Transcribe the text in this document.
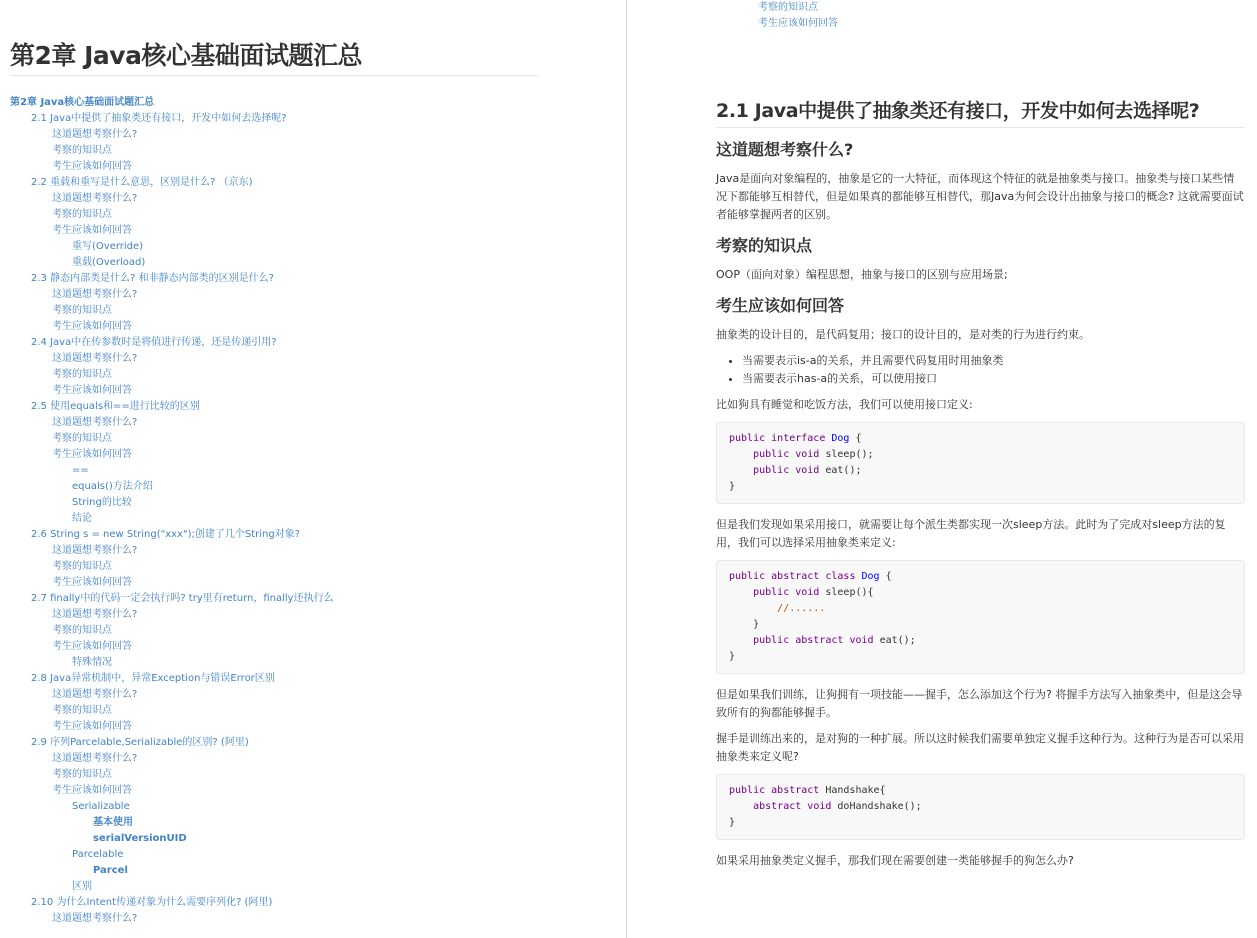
第2章 Java核心基础面试题汇总
第2章 Java核心基础面试题汇总
2.1 Java中提供了抽象类还有接口，开发中如何去选择呢?
这道题想考察什么?
考察的知识点
考生应该如何回答
2.2 重载和重写是什么意思，区别是什么? （京东)
这道题想考察什么?
考察的知识点
考生应该如何回答
重写(Override)
重载(Overload)
2.3 静态内部类是什么? 和非静态内部类的区别是什么?
这道题想考察什么?
考察的知识点
考生应该如何回答
2.4 Java中在传参数时是将值进行传递，还是传递引用?
这道题想考察什么?
考察的知识点
考生应该如何回答
2.5 使用equals和==进行比较的区别
这道题想考察什么?
考察的知识点
考生应该如何回答
==
equals()方法介绍
String的比较
结论
2.6 String s = new String("xxx");创建了几个String对象?
这道题想考察什么?
考察的知识点
考生应该如何回答
2.7 finally中的代码一定会执行吗? try里有return，finally还执行么
这道题想考察什么?
考察的知识点
考生应该如何回答
特殊情况
2.8 Java异常机制中，异常Exception与错误Error区别
这道题想考察什么?
考察的知识点
考生应该如何回答
2.9 序列Parcelable,Serializable的区别? (阿里)
这道题想考察什么?
考察的知识点
考生应该如何回答
Serializable
基本使用
serialVersionUID
Parcelable
Parcel
区别
2.10 为什么Intent传递对象为什么需要序列化? (阿里)
这道题想考察什么?
考察的知识点
考生应该如何回答
2.1 Java中提供了抽象类还有接口，开发中如何去选择呢?
这道题想考察什么?

Java是面向对象编程的，抽象是它的一大特征，而体现这个特征的就是抽象类与接口。抽象类与接口某些情况下都能够互相替代，但是如果真的都能够互相替代，那Java为何会设计出抽象与接口的概念? 这就需要面试者能够掌握两者的区别。

考察的知识点

OOP（面向对象）编程思想，抽象与接口的区别与应用场景;

考生应该如何回答

抽象类的设计目的，是代码复用；接口的设计目的，是对类的行为进行约束。

• 当需要表示is-a的关系，并且需要代码复用时用抽象类
• 当需要表示has-a的关系，可以使用接口

比如狗具有睡觉和吃饭方法，我们可以使用接口定义:

public interface Dog {
public void sleep();
public void eat();
}

但是我们发现如果采用接口，就需要让每个派生类都实现一次sleep方法。此时为了完成对sleep方法的复用，我们可以选择采用抽象类来定义:

public abstract class Dog {
public void sleep(){
//......
}
public abstract void eat();
}

但是如果我们训练，让狗拥有一项技能——握手，怎么添加这个行为? 将握手方法写入抽象类中，但是这会导致所有的狗都能够握手。

握手是训练出来的，是对狗的一种扩展。所以这时候我们需要单独定义握手这种行为。这种行为是否可以采用抽象类来定义呢?

public abstract Handshake{
abstract void doHandshake();
}

如果采用抽象类定义握手，那我们现在需要创建一类能够握手的狗怎么办?
